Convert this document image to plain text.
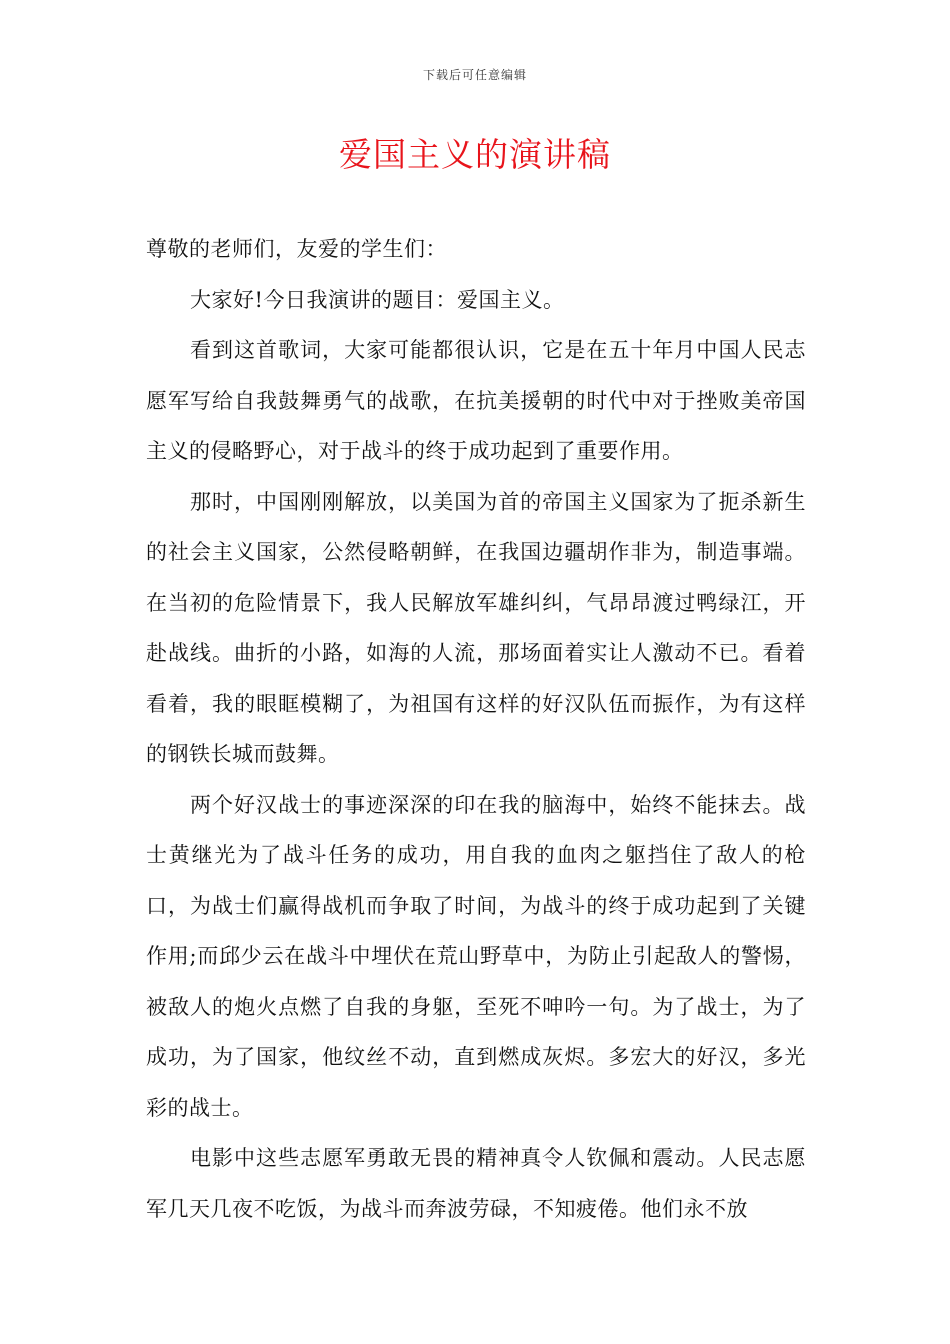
下载后可任意编辑
爱国主义的演讲稿

尊敬的老师们，友爱的学生们：

大家好!今日我演讲的题目：爱国主义。

看到这首歌词，大家可能都很认识，它是在五十年月中国人民志愿军写给自我鼓舞勇气的战歌，在抗美援朝的时代中对于挫败美帝国主义的侵略野心，对于战斗的终于成功起到了重要作用。

那时，中国刚刚解放，以美国为首的帝国主义国家为了扼杀新生的社会主义国家，公然侵略朝鲜，在我国边疆胡作非为，制造事端。在当初的危险情景下，我人民解放军雄纠纠，气昂昂渡过鸭绿江，开赴战线。曲折的小路，如海的人流，那场面着实让人激动不已。看着看着，我的眼眶模糊了，为祖国有这样的好汉队伍而振作，为有这样的钢铁长城而鼓舞。

两个好汉战士的事迹深深的印在我的脑海中，始终不能抹去。战士黄继光为了战斗任务的成功，用自我的血肉之躯挡住了敌人的枪口，为战士们赢得战机而争取了时间，为战斗的终于成功起到了关键作用;而邱少云在战斗中埋伏在荒山野草中，为防止引起敌人的警惕，被敌人的炮火点燃了自我的身躯，至死不呻吟一句。为了战士，为了成功，为了国家，他纹丝不动，直到燃成灰烬。多宏大的好汉，多光彩的战士。

电影中这些志愿军勇敢无畏的精神真令人钦佩和震动。人民志愿军几天几夜不吃饭，为战斗而奔波劳碌，不知疲倦。他们永不放
